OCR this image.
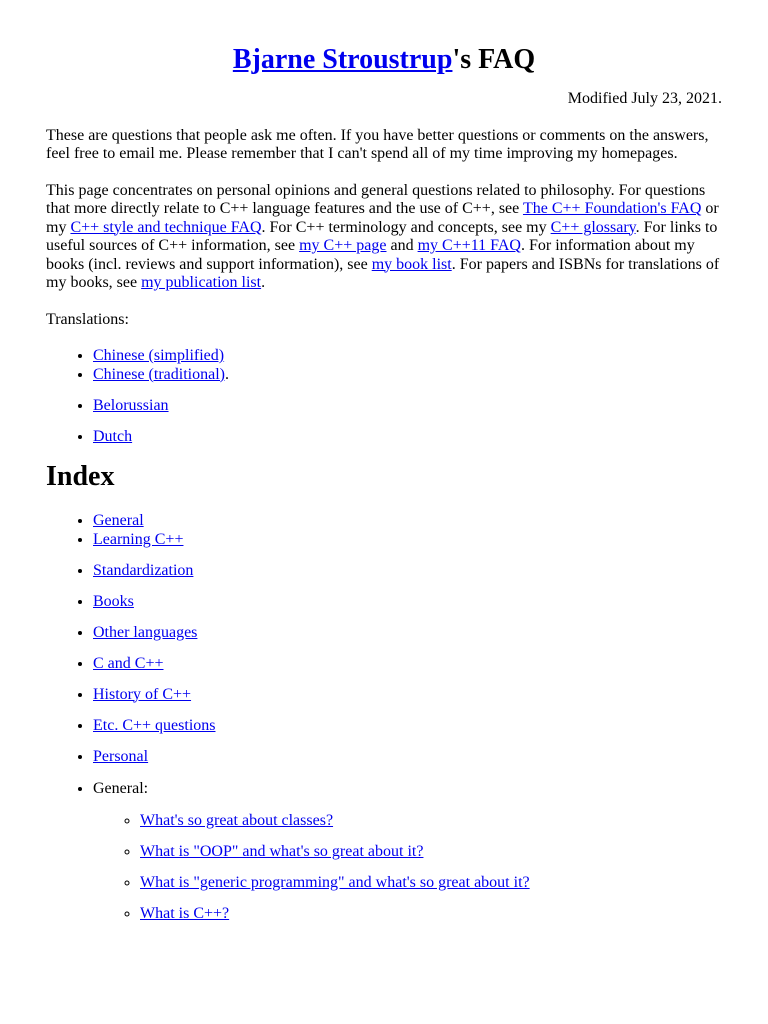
Bjarne Stroustrup's FAQ

Modified July 23, 2021.

These are questions that people ask me often. If you have better questions or comments on the answers, feel free to email me. Please remember that I can't spend all of my time improving my homepages.

This page concentrates on personal opinions and general questions related to philosophy. For questions that more directly relate to C++ language features and the use of C++, see The C++ Foundation's FAQ or my C++ style and technique FAQ. For C++ terminology and concepts, see my C++ glossary. For links to useful sources of C++ information, see my C++ page and my C++11 FAQ. For information about my books (incl. reviews and support information), see my book list. For papers and ISBNs for translations of my books, see my publication list.

Translations:

• Chinese (simplified)
• Chinese (traditional).
• Belorussian
• Dutch
Index
• General
• Learning C++
• Standardization
• Books
• Other languages
• C and C++
• History of C++
• Etc. C++ questions
• Personal
• General:
◦ What's so great about classes?
◦ What is "OOP" and what's so great about it?
◦ What is "generic programming" and what's so great about it?
◦ What is C++?
